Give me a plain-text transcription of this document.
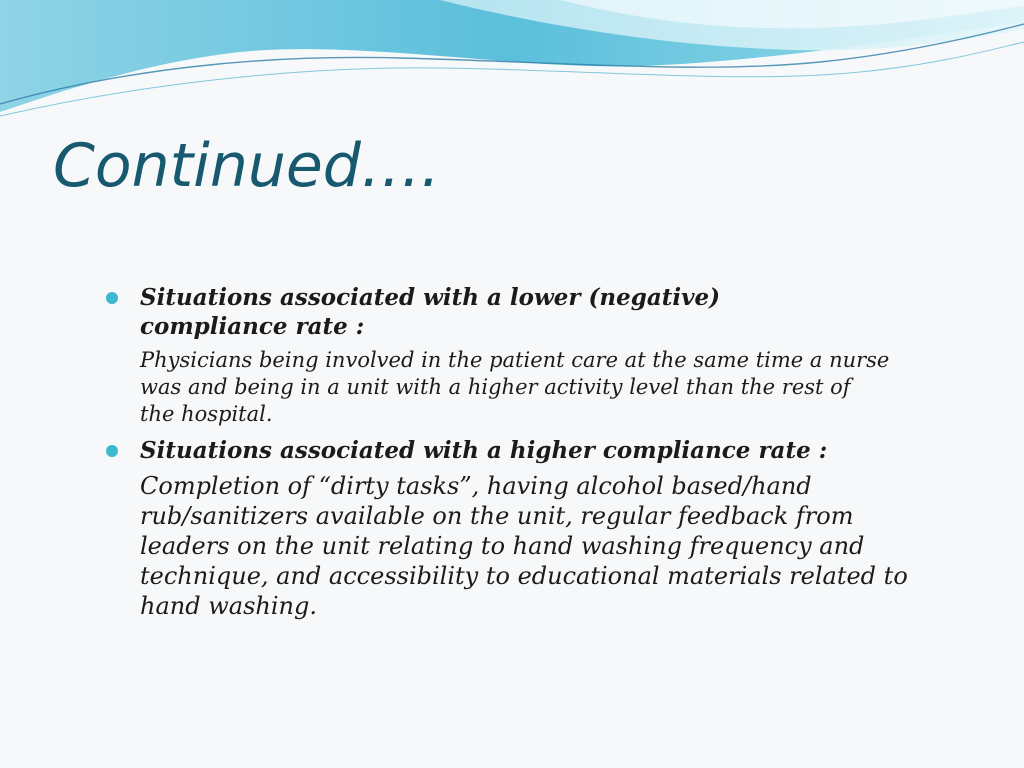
Continued….
Situations associated with a lower (negative) compliance rate :
Physicians being involved in the patient care at the same time a nurse was and being in a unit with a higher activity level than the rest of the hospital.
Situations associated with a higher compliance rate :
Completion of “dirty tasks”, having alcohol based/hand rub/sanitizers available on the unit, regular feedback from leaders on the unit relating to hand washing frequency and technique, and accessibility to educational materials related to hand washing.
